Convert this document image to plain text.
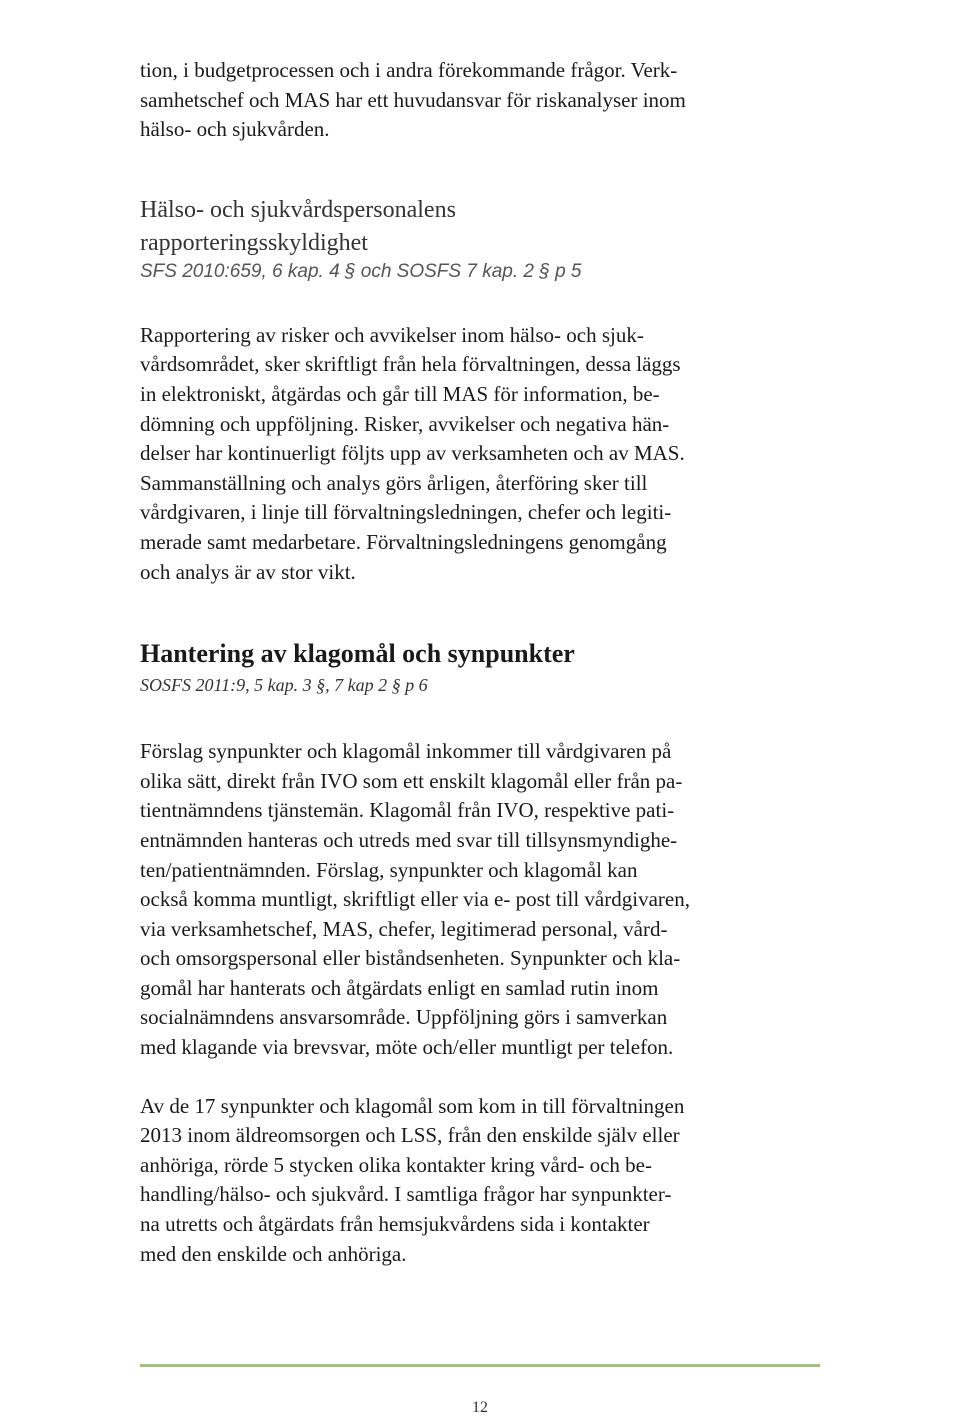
tion, i budgetprocessen och i andra förekommande frågor. Verk-

samhetschef och MAS har ett huvudansvar för riskanalyser inom

hälso- och sjukvården.

Hälso- och sjukvårdspersonalens
rapporteringsskyldighet

SFS 2010:659, 6 kap. 4 § och SOSFS 7 kap. 2 § p 5

Rapportering av risker och avvikelser inom hälso- och sjuk-

vårdsområdet, sker skriftligt från hela förvaltningen, dessa läggs

in elektroniskt, åtgärdas och går till MAS för information, be-

dömning och uppföljning. Risker, avvikelser och negativa hän-

delser har kontinuerligt följts upp av verksamheten och av MAS.

Sammanställning och analys görs årligen, återföring sker till

vårdgivaren, i linje till förvaltningsledningen, chefer och legiti-

merade samt medarbetare. Förvaltningsledningens genomgång

och analys är av stor vikt.

Hantering av klagomål och synpunkter

SOSFS 2011:9, 5 kap. 3 §, 7 kap 2 § p 6

Förslag synpunkter och klagomål inkommer till vårdgivaren på

olika sätt, direkt från IVO som ett enskilt klagomål eller från pa-

tientnämndens tjänstemän. Klagomål från IVO, respektive pati-

entnämnden hanteras och utreds med svar till tillsynsmyndighe-

ten/patientnämnden. Förslag, synpunkter och klagomål kan

också komma muntligt, skriftligt eller via e- post till vårdgivaren,

via verksamhetschef, MAS, chefer, legitimerad personal, vård-

och omsorgspersonal eller biståndsenheten. Synpunkter och kla-

gomål har hanterats och åtgärdats enligt en samlad rutin inom

socialnämndens ansvarsområde. Uppföljning görs i samverkan

med klagande via brevsvar, möte och/eller muntligt per telefon.

Av de 17 synpunkter och klagomål som kom in till förvaltningen

2013 inom äldreomsorgen och LSS, från den enskilde själv eller

anhöriga, rörde 5 stycken olika kontakter kring vård- och be-

handling/hälso- och sjukvård. I samtliga frågor har synpunkter-

na utretts och åtgärdats från hemsjukvårdens sida i kontakter

med den enskilde och anhöriga.

12
